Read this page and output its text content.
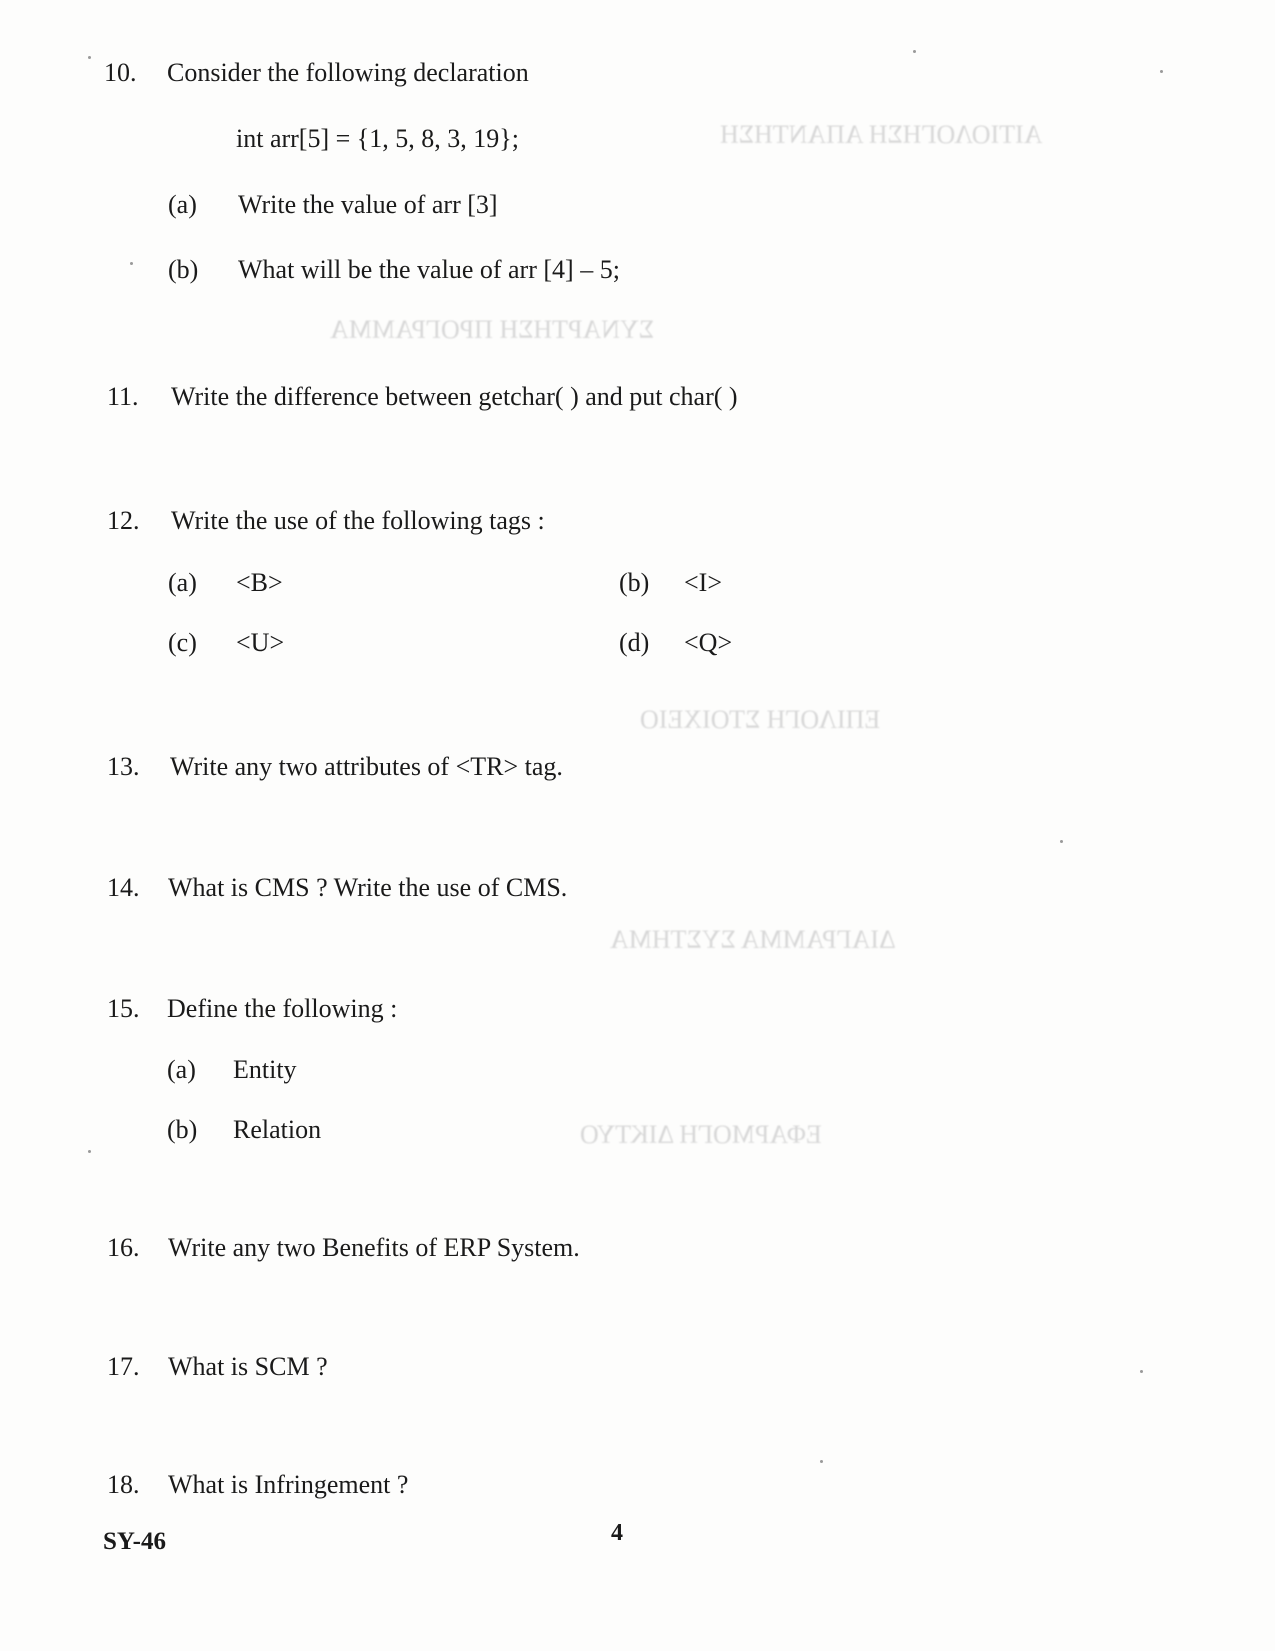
ΑΙΤΙΟΛΟΓΗΣΗ ΑΠΑΝΤΗΣΗ
ΣΥΝΑΡΤΗΣΗ ΠΡΟΓΡΑΜΜΑ
ΕΠΙΛΟΓΗ ΣΤΟΙΧΕΙΟ
ΔΙΑΓΡΑΜΜΑ ΣΥΣΤΗΜΑ
ΕΦΑΡΜΟΓΗ ΔΙΚΤΥΟ
10. Consider the following declaration
int arr[5] = {1, 5, 8, 3, 19};
(a) Write the value of arr [3]
(b) What will be the value of arr [4] – 5;
11. Write the difference between getchar( ) and put char( )
12. Write the use of the following tags :
(a) <B>	(b) <I>
(c) <U>	(d) <Q>
13. Write any two attributes of <TR> tag.
14. What is CMS ? Write the use of CMS.
15. Define the following :
(a) Entity
(b) Relation
16. Write any two Benefits of ERP System.
17. What is SCM ?
18. What is Infringement ?
SY-46	4
